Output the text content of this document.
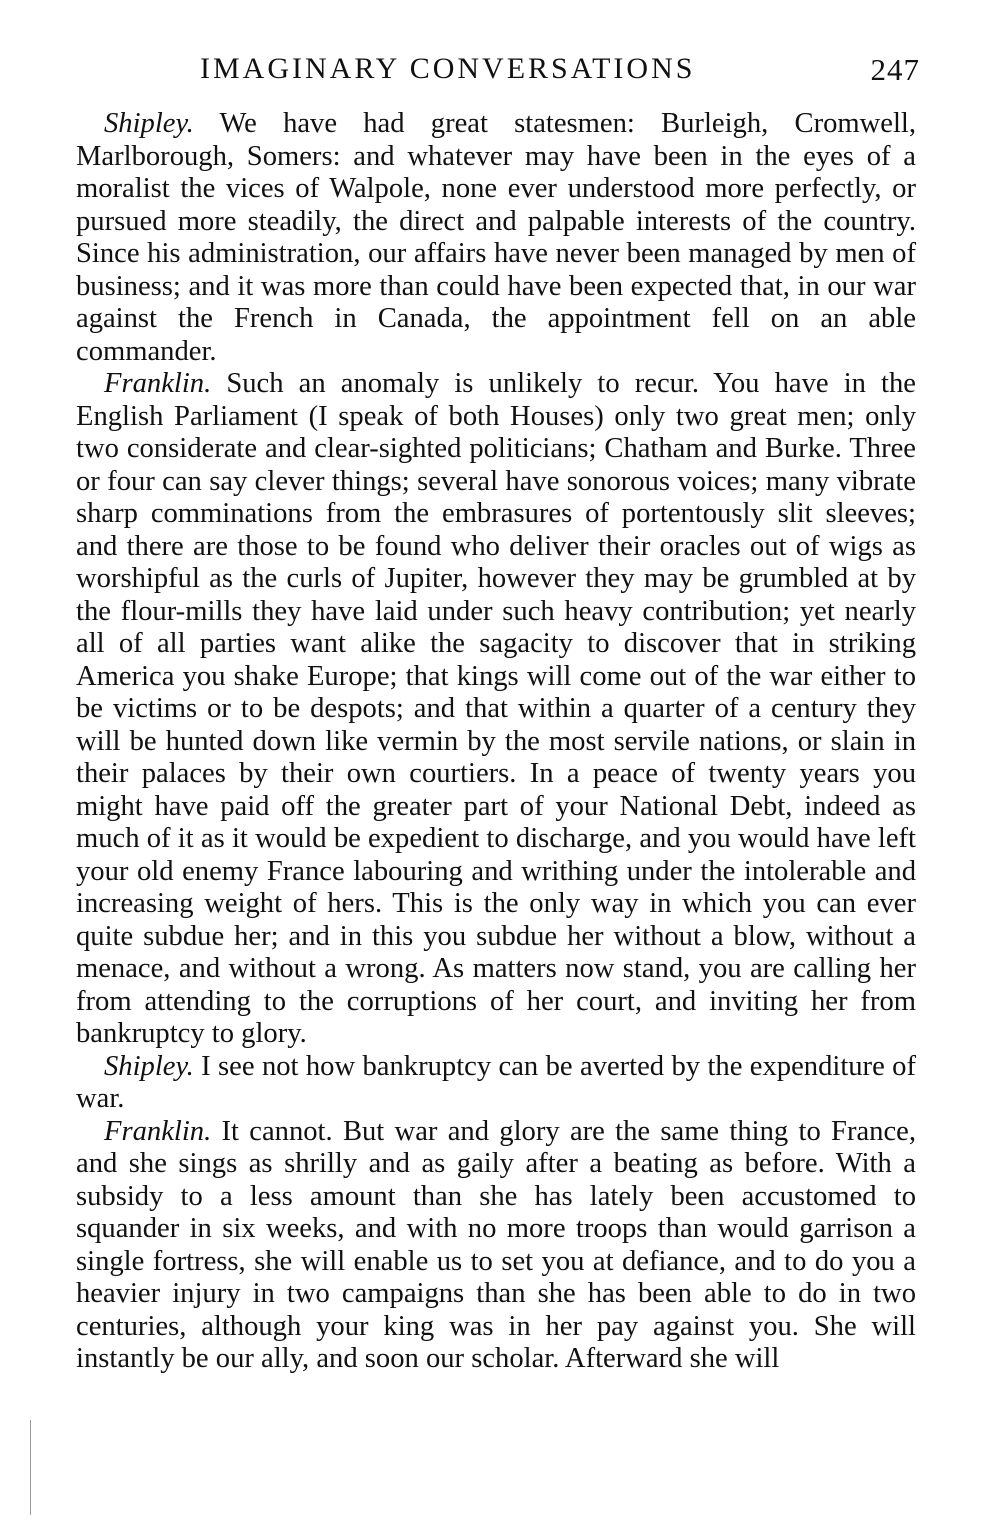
IMAGINARY CONVERSATIONS	247

Shipley. We have had great statesmen: Burleigh, Cromwell, Marlborough, Somers: and whatever may have been in the eyes of a moralist the vices of Walpole, none ever understood more perfectly, or pursued more steadily, the direct and palpable interests of the country. Since his administration, our affairs have never been managed by men of business; and it was more than could have been expected that, in our war against the French in Canada, the appointment fell on an able commander.

Franklin. Such an anomaly is unlikely to recur. You have in the English Parliament (I speak of both Houses) only two great men; only two considerate and clear-sighted politicians; Chatham and Burke. Three or four can say clever things; several have sonorous voices; many vibrate sharp comminations from the embrasures of portentously slit sleeves; and there are those to be found who deliver their oracles out of wigs as worshipful as the curls of Jupiter, however they may be grumbled at by the flour-mills they have laid under such heavy contribution; yet nearly all of all parties want alike the sagacity to discover that in striking America you shake Europe; that kings will come out of the war either to be victims or to be despots; and that within a quarter of a century they will be hunted down like vermin by the most servile nations, or slain in their palaces by their own courtiers. In a peace of twenty years you might have paid off the greater part of your National Debt, indeed as much of it as it would be expedient to discharge, and you would have left your old enemy France labouring and writhing under the intolerable and increasing weight of hers. This is the only way in which you can ever quite subdue her; and in this you subdue her without a blow, without a menace, and without a wrong. As matters now stand, you are calling her from attending to the corruptions of her court, and inviting her from bankruptcy to glory.

Shipley. I see not how bankruptcy can be averted by the expenditure of war.

Franklin. It cannot. But war and glory are the same thing to France, and she sings as shrilly and as gaily after a beating as before. With a subsidy to a less amount than she has lately been accustomed to squander in six weeks, and with no more troops than would garrison a single fortress, she will enable us to set you at defiance, and to do you a heavier injury in two campaigns than she has been able to do in two centuries, although your king was in her pay against you. She will instantly be our ally, and soon our scholar. Afterward she will
